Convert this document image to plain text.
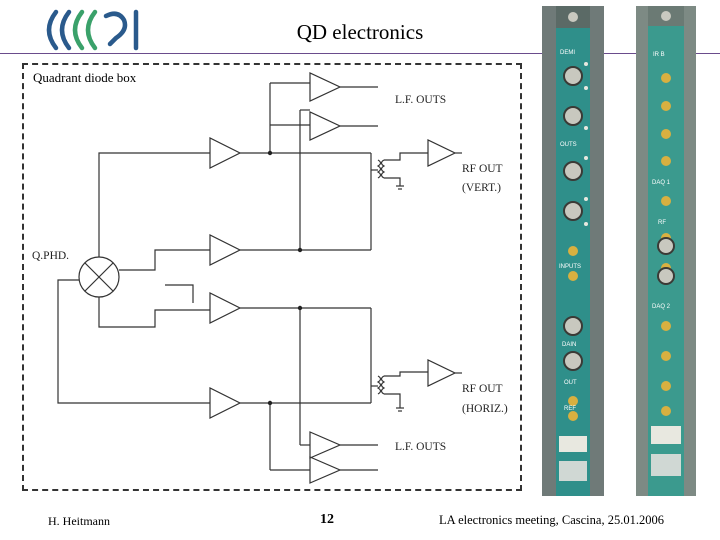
QD electronics
Quadrant diode box
L.F. OUTS
RF OUT
(VERT.)
Q.PHD.
RF OUT
(HORIZ.)
L.F. OUTS
DEMI
OUTS
INPUTS
DAIN
OUT
REF
IR B
DAQ 1
RF
DAQ 2
H. Heitmann	12	LA electronics meeting, Cascina, 25.01.2006
